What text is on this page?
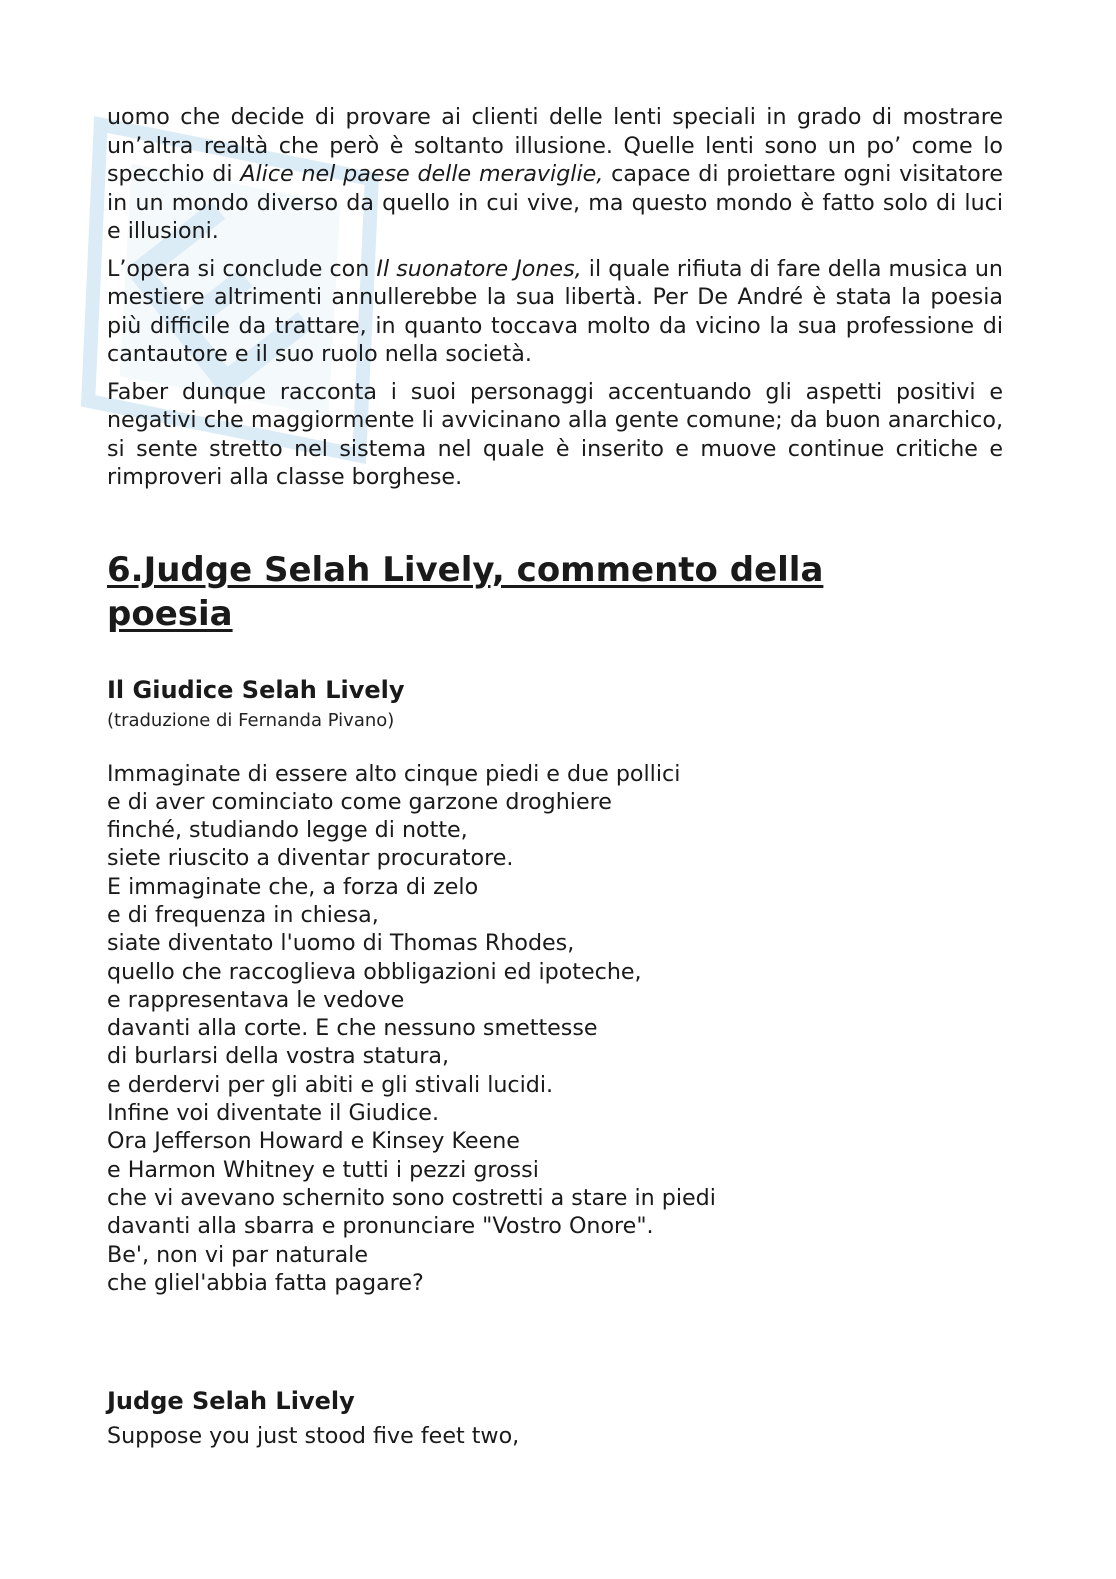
uomo che decide di provare ai clienti delle lenti speciali in grado di mostrare un’altra realtà che però è soltanto illusione. Quelle lenti sono un po’ come lo specchio di Alice nel paese delle meraviglie, capace di proiettare ogni visitatore in un mondo diverso da quello in cui vive, ma questo mondo è fatto solo di luci e illusioni.

L’opera si conclude con Il suonatore Jones, il quale rifiuta di fare della musica un mestiere altrimenti annullerebbe la sua libertà. Per De André è stata la poesia più difficile da trattare, in quanto toccava molto da vicino la sua professione di cantautore e il suo ruolo nella società.

Faber dunque racconta i suoi personaggi accentuando gli aspetti positivi e negativi che maggiormente li avvicinano alla gente comune; da buon anarchico, si sente stretto nel sistema nel quale è inserito e muove continue critiche e rimproveri alla classe borghese.

6.Judge Selah Lively, commento della poesia
Il Giudice Selah Lively
(traduzione di Fernanda Pivano)
Immaginate di essere alto cinque piedi e due pollici
e di aver cominciato come garzone droghiere
finché, studiando legge di notte,
siete riuscito a diventar procuratore.
E immaginate che, a forza di zelo
e di frequenza in chiesa,
siate diventato l'uomo di Thomas Rhodes,
quello che raccoglieva obbligazioni ed ipoteche,
e rappresentava le vedove
davanti alla corte. E che nessuno smettesse
di burlarsi della vostra statura,
e derdervi per gli abiti e gli stivali lucidi.
Infine voi diventate il Giudice.
Ora Jefferson Howard e Kinsey Keene
e Harmon Whitney e tutti i pezzi grossi
che vi avevano schernito sono costretti a stare in piedi
davanti alla sbarra e pronunciare "Vostro Onore".
Be', non vi par naturale
che gliel'abbia fatta pagare?
Judge Selah Lively
Suppose you just stood five feet two,
